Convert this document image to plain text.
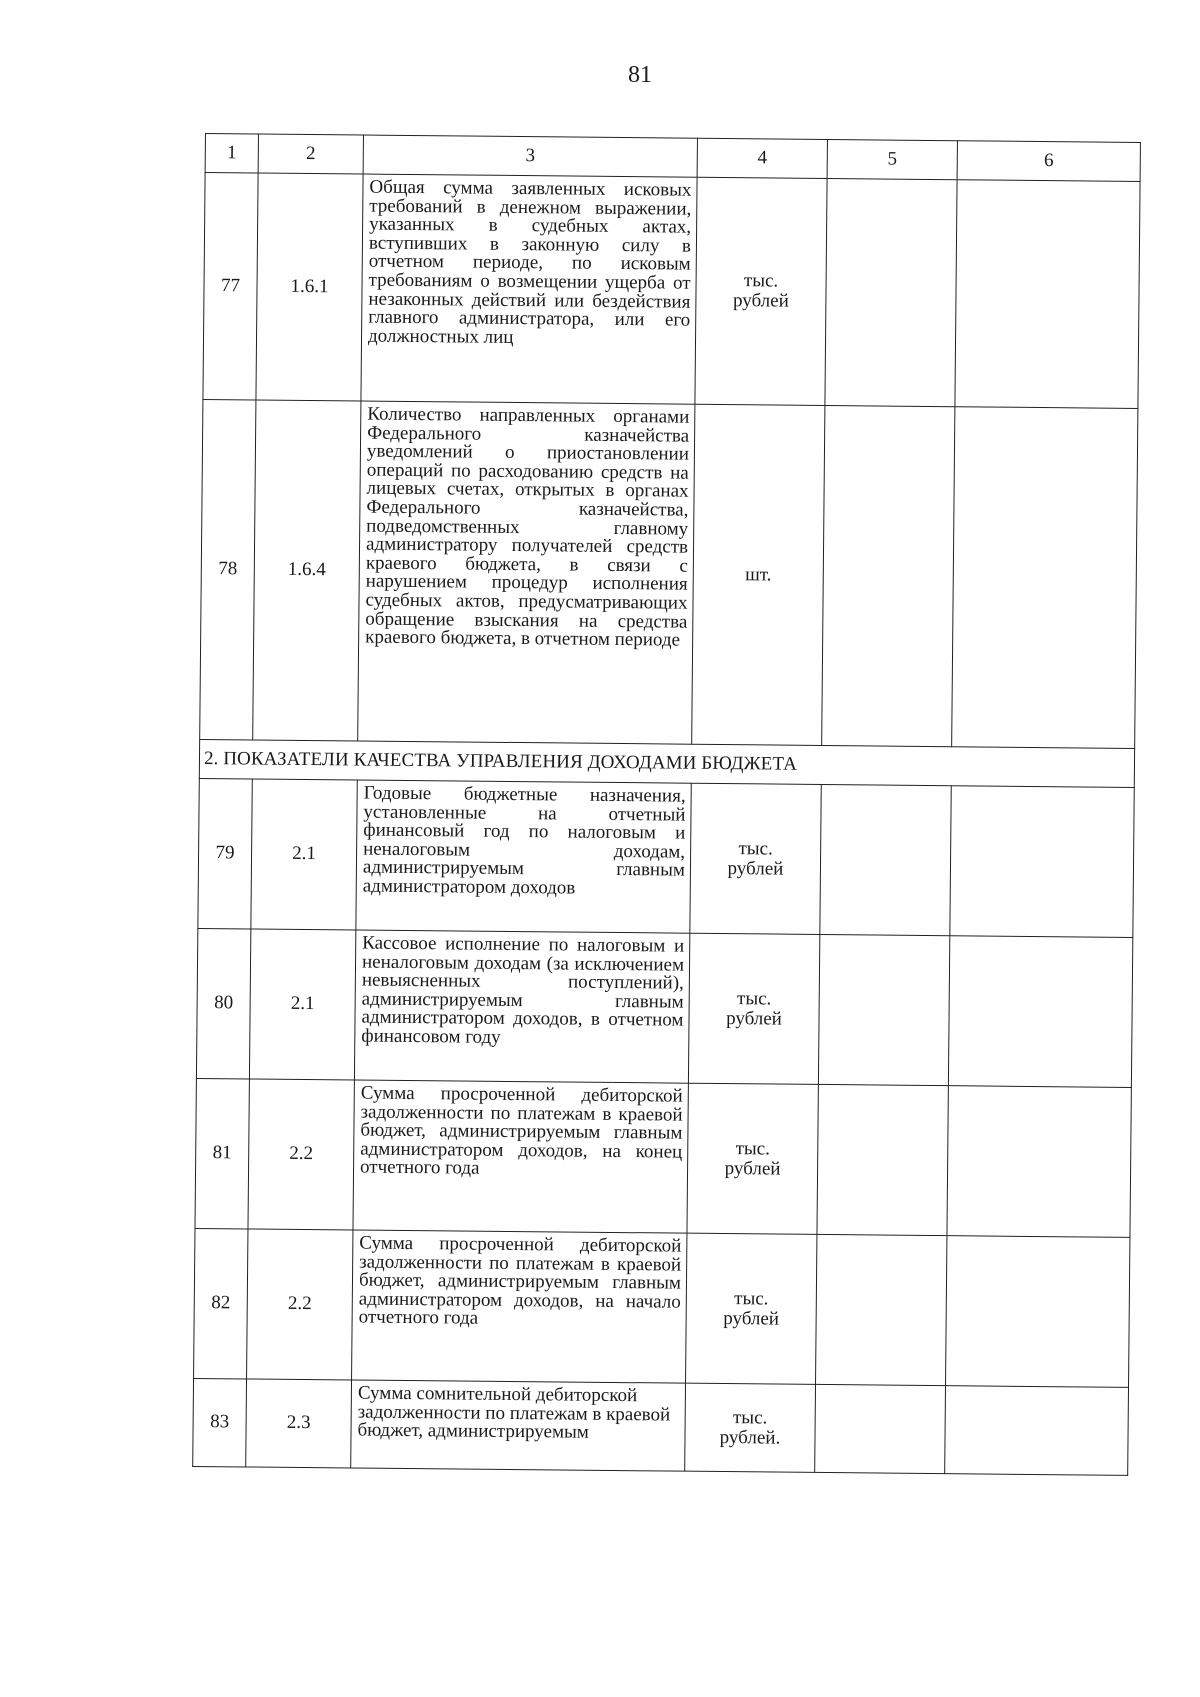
81
1	2	3	4	5	6
77	1.6.1	Общая сумма заявленных исковых требований в денежном выражении, указанных в судебных актах, вступивших в законную силу в отчетном периоде, по исковым требованиям о возмещении ущерба от незаконных действий или бездействия главного администратора, или его должностных лиц	тыс.
рублей		

78	1.6.4	Количество направленных органами Федерального казначейства уведомлений о приостановлении операций по расходованию средств на лицевых счетах, открытых в органах Федерального казначейства, подведомственных главному администратору получателей средств краевого бюджета, в связи с нарушением процедур исполнения судебных актов, предусматривающих обращение взыскания на средства краевого бюджета, в отчетном периоде	шт.		

2. ПОКАЗАТЕЛИ КАЧЕСТВА УПРАВЛЕНИЯ ДОХОДАМИ БЮДЖЕТА					
79	2.1	Годовые бюджетные назначения, установленные на отчетный финансовый год по налоговым и неналоговым доходам, администрируемым главным администратором доходов	тыс.
рублей		

80	2.1	Кассовое исполнение по налоговым и неналоговым доходам (за исключением невыясненных поступлений), администрируемым главным администратором доходов, в отчетном финансовом году	тыс.
рублей		

81	2.2	Сумма просроченной дебиторской задолженности по платежам в краевой бюджет, администрируемым главным администратором доходов, на конец отчетного года	тыс.
рублей		

82	2.2	Сумма просроченной дебиторской задолженности по платежам в краевой бюджет, администрируемым главным администратором доходов, на начало отчетного года	тыс.
рублей		

83	2.3	Сумма сомнительной дебиторской задолженности по платежам в краевой бюджет, администрируемым	тыс.
рублей.		
